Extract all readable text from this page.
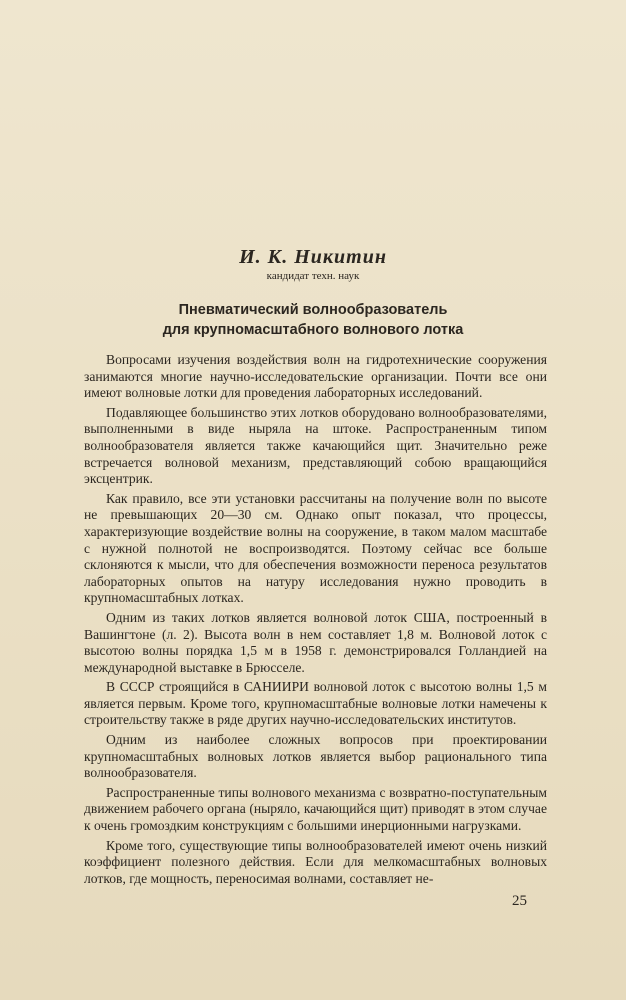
И. К. Никитин
кандидат техн. наук
Пневматический волнообразователь
для крупномасштабного волнового лотка

Вопросами изучения воздействия волн на гидротехнические сооружения занимаются многие научно-исследовательские организации. Почти все они имеют волновые лотки для проведения лабораторных исследований.

Подавляющее большинство этих лотков оборудовано волнообразователями, выполненными в виде ныряла на штоке. Распространенным типом волнообразователя является также качающийся щит. Значительно реже встречается волновой механизм, представляющий собою вращающийся эксцентрик.

Как правило, все эти установки рассчитаны на получение волн по высоте не превышающих 20—30 см. Однако опыт показал, что процессы, характеризующие воздействие волны на сооружение, в таком малом масштабе с нужной полнотой не воспроизводятся. Поэтому сейчас все больше склоняются к мысли, что для обеспечения возможности переноса результатов лабораторных опытов на натуру исследования нужно проводить в крупномасштабных лотках.

Одним из таких лотков является волновой лоток США, построенный в Вашингтоне (л. 2). Высота волн в нем составляет 1,8 м. Волновой лоток с высотою волны порядка 1,5 м в 1958 г. демонстрировался Голландией на международной выставке в Брюсселе.

В СССР строящийся в САНИИРИ волновой лоток с высотою волны 1,5 м является первым. Кроме того, крупномасштабные волновые лотки намечены к строительству также в ряде других научно-исследовательских институтов.

Одним из наиболее сложных вопросов при проектировании крупномасштабных волновых лотков является выбор рационального типа волнообразователя.

Распространенные типы волнового механизма с возвратно-поступательным движением рабочего органа (ныряло, качающийся щит) приводят в этом случае к очень громоздким конструкциям с большими инерционными нагрузками.

Кроме того, существующие типы волнообразователей имеют очень низкий коэффициент полезного действия. Если для мелкомасштабных волновых лотков, где мощность, переносимая волнами, составляет не-

25
